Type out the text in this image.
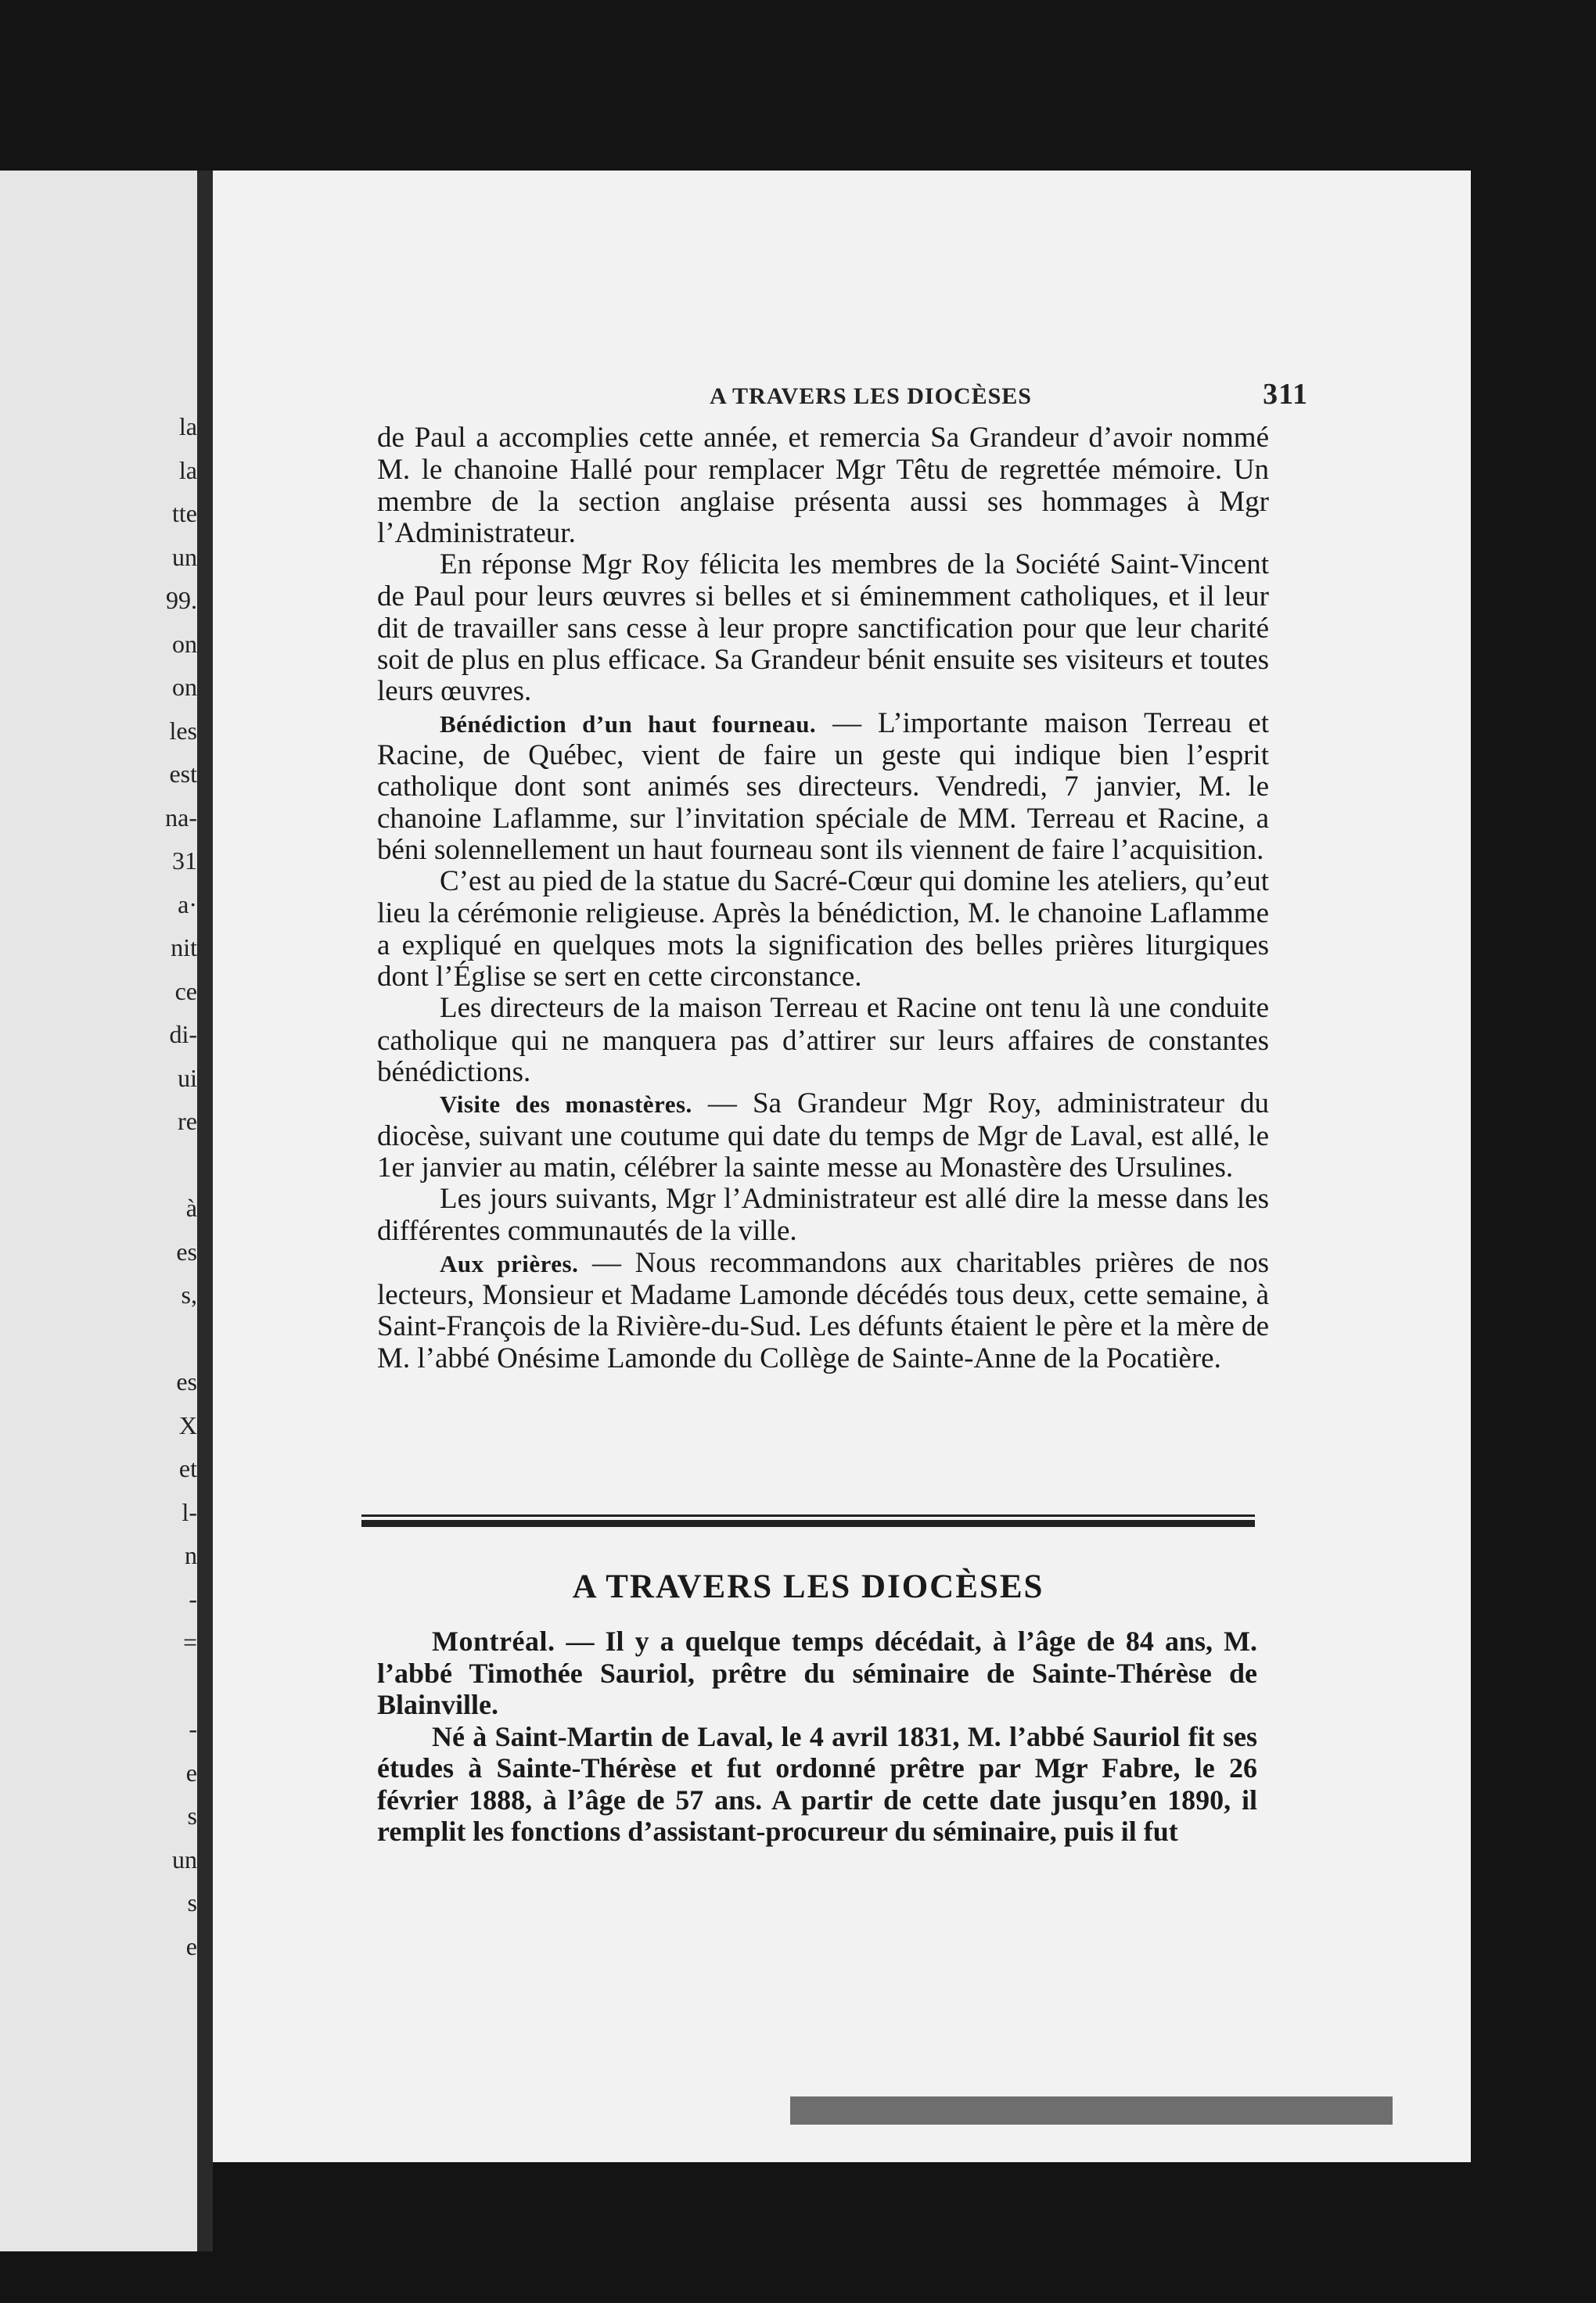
la
la
tte
un
99.
on
on
les
est
na-
31
a·
nit
ce
di-
ui
re
à
es
s,
es
X
et
l-
n
-
=
-
e
s
un
s
e
A TRAVERS LES DIOCÈSES	311

de Paul a accomplies cette année, et remercia Sa Grandeur d’avoir nommé M. le chanoine Hallé pour remplacer Mgr Têtu de regrettée mémoire. Un membre de la section anglaise présenta aussi ses hommages à Mgr l’Administrateur.

En réponse Mgr Roy félicita les membres de la Société Saint-Vincent de Paul pour leurs œuvres si belles et si éminemment catholiques, et il leur dit de travailler sans cesse à leur propre sanctification pour que leur charité soit de plus en plus efficace. Sa Grandeur bénit ensuite ses visiteurs et toutes leurs œuvres.

Bénédiction d’un haut fourneau. — L’importante maison Terreau et Racine, de Québec, vient de faire un geste qui indique bien l’esprit catholique dont sont animés ses directeurs. Vendredi, 7 janvier, M. le chanoine Laflamme, sur l’invitation spéciale de MM. Terreau et Racine, a béni solennellement un haut fourneau sont ils viennent de faire l’acquisition.

C’est au pied de la statue du Sacré-Cœur qui domine les ateliers, qu’eut lieu la cérémonie religieuse. Après la bénédiction, M. le chanoine Laflamme a expliqué en quelques mots la signification des belles prières liturgiques dont l’Église se sert en cette circonstance.

Les directeurs de la maison Terreau et Racine ont tenu là une conduite catholique qui ne manquera pas d’attirer sur leurs affaires de constantes bénédictions.

Visite des monastères. — Sa Grandeur Mgr Roy, administrateur du diocèse, suivant une coutume qui date du temps de Mgr de Laval, est allé, le 1er janvier au matin, célébrer la sainte messe au Monastère des Ursulines.

Les jours suivants, Mgr l’Administrateur est allé dire la messe dans les différentes communautés de la ville.

Aux prières. — Nous recommandons aux charitables prières de nos lecteurs, Monsieur et Madame Lamonde décédés tous deux, cette semaine, à Saint-François de la Rivière-du-Sud. Les défunts étaient le père et la mère de M. l’abbé Onésime Lamonde du Collège de Sainte-Anne de la Pocatière.

A TRAVERS LES DIOCÈSES

Montréal. — Il y a quelque temps décédait, à l’âge de 84 ans, M. l’abbé Timothée Sauriol, prêtre du séminaire de Sainte-Thérèse de Blainville.

Né à Saint-Martin de Laval, le 4 avril 1831, M. l’abbé Sauriol fit ses études à Sainte-Thérèse et fut ordonné prêtre par Mgr Fabre, le 26 février 1888, à l’âge de 57 ans. A partir de cette date jusqu’en 1890, il remplit les fonctions d’assistant-procureur du séminaire, puis il fut
